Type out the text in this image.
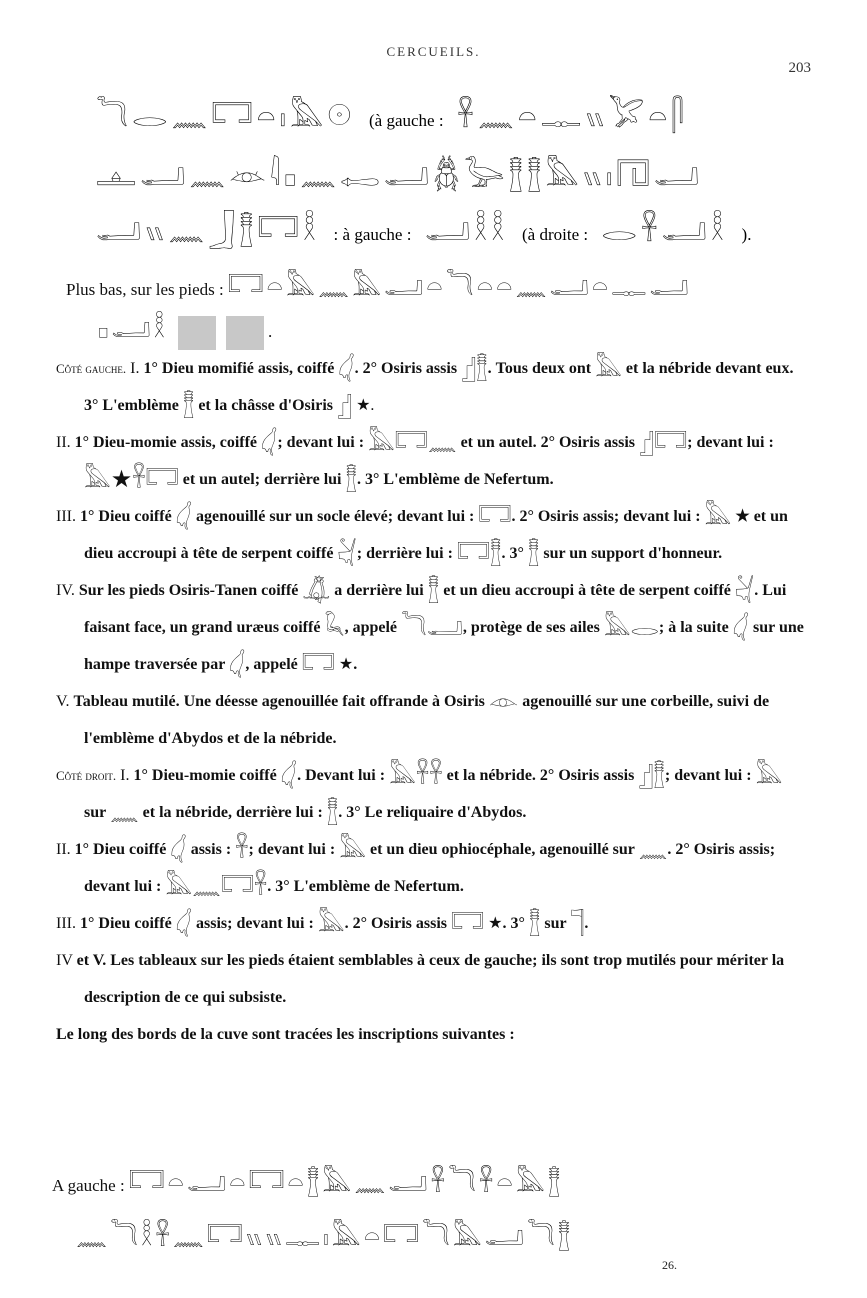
CERCUEILS.
203
𓆓𓂋𓈖𓉐𓏏𓏤𓅓𓇳 (à gauche : 𓋹𓈖𓏏𓊃𓏭𓅯𓏏𓋴
𓊵𓂝𓈖𓁺𓇋𓊪𓈖𓉻𓂝𓆣𓅬𓊽𓊽𓅓𓏭𓏤𓉔𓂝
𓂝𓏭𓈖𓃀𓊽𓉐𓎛 : à gauche : 𓂝𓎛𓎛 (à droite : 𓂋𓋹𓂝𓎛 ).
Plus bas, sur les pieds : 𓉐𓏏𓅓𓈖𓅓𓂝𓏏𓆓𓏏𓏏𓈖𓂝𓏏𓊃𓂝
𓊪𓂝𓎛	.
Côté gauche. I. 1° Dieu momifié assis, coiffé 𓋑. 2° Osiris assis 𓊨𓊽. Tous deux ont 𓅓 et la nébride devant eux. 3° L'emblème 𓊽 et la châsse d'Osiris 𓊨 ★.
II. 1° Dieu-momie assis, coiffé 𓋑; devant lui : 𓅓𓉐𓈖 et un autel. 2° Osiris assis 𓊨𓉐; devant lui : 𓅓★𓋹𓉐 et un autel; derrière lui 𓊽. 3° L'emblème de Nefertum.
III. 1° Dieu coiffé 𓋑 agenouillé sur un socle élevé; devant lui : 𓉐. 2° Osiris assis; devant lui : 𓅓 ★ et un dieu accroupi à tête de serpent coiffé 𓋔; derrière lui : 𓉐𓊽. 3° 𓊽 sur un support d'honneur.
IV. Sur les pieds Osiris-Tanen coiffé 𓋚 a derrière lui 𓊽 et un dieu accroupi à tête de serpent coiffé 𓋔. Lui faisant face, un grand uræus coiffé 𓆗, appelé 𓆓𓂝, protège de ses ailes 𓅓𓂋; à la suite 𓋑 sur une hampe traversée par 𓋑, appelé 𓉐 ★.
V. Tableau mutilé. Une déesse agenouillée fait offrande à Osiris 𓁹 agenouillé sur une corbeille, suivi de l'emblème d'Abydos et de la nébride.
Côté droit. I. 1° Dieu-momie coiffé 𓋑. Devant lui : 𓅓𓋹𓋹 et la nébride. 2° Osiris assis 𓊨𓊽; devant lui : 𓅓 sur 𓈖 et la nébride, derrière lui : 𓊽. 3° Le reliquaire d'Abydos.
II. 1° Dieu coiffé 𓋑 assis : 𓋹; devant lui : 𓅓 et un dieu ophiocéphale, agenouillé sur 𓈖. 2° Osiris assis; devant lui : 𓅓𓈖𓉐𓋹. 3° L'emblème de Nefertum.
III. 1° Dieu coiffé 𓋑 assis; devant lui : 𓅓. 2° Osiris assis 𓉐 ★. 3° 𓊽 sur 𓊹.
IV et V. Les tableaux sur les pieds étaient semblables à ceux de gauche; ils sont trop mutilés pour mériter la description de ce qui subsiste.
Le long des bords de la cuve sont tracées les inscriptions suivantes :
A gauche : 𓉐𓏏𓂝𓏏𓉐𓏏𓊽𓅓𓈖𓂝𓋹𓆓𓋹𓏏𓅓𓊽
𓈖𓆓𓎛𓋹𓈖𓉐𓏭𓏭𓊃𓏤𓅓𓏏𓉐𓆓𓅓𓂝𓆓𓊽
26.
